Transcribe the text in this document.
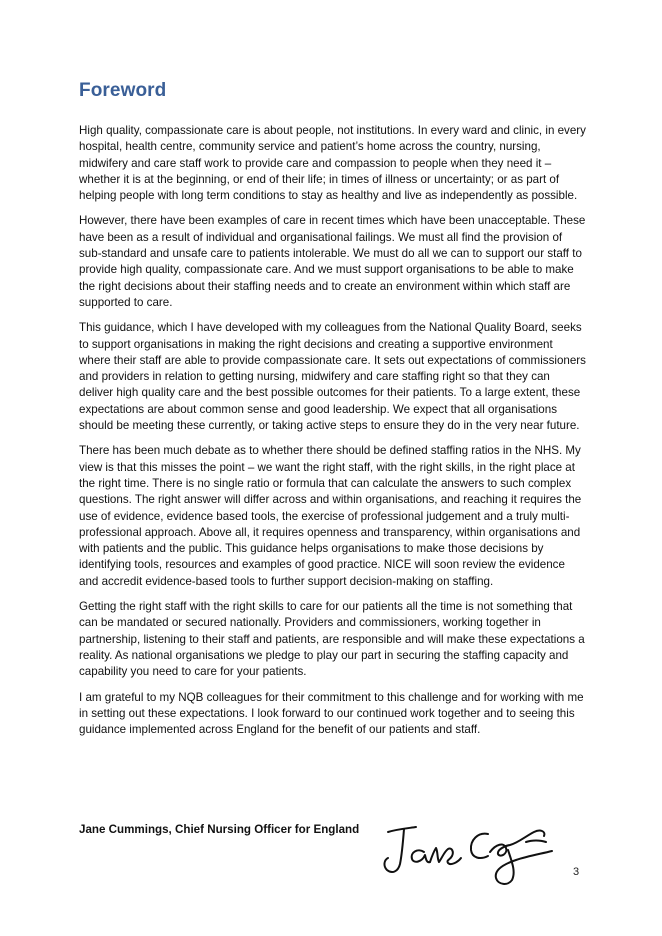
Foreword

High quality, compassionate care is about people, not institutions. In every ward and clinic, in every hospital, health centre, community service and patient’s home across the country, nursing, midwifery and care staff work to provide care and compassion to people when they need it – whether it is at the beginning, or end of their life; in times of illness or uncertainty; or as part of helping people with long term conditions to stay as healthy and live as independently as possible.

However, there have been examples of care in recent times which have been unacceptable. These have been as a result of individual and organisational failings. We must all find the provision of sub-standard and unsafe care to patients intolerable. We must do all we can to support our staff to provide high quality, compassionate care. And we must support organisations to be able to make the right decisions about their staffing needs and to create an environment within which staff are supported to care.

This guidance, which I have developed with my colleagues from the National Quality Board, seeks to support organisations in making the right decisions and creating a supportive environment where their staff are able to provide compassionate care. It sets out expectations of commissioners and providers in relation to getting nursing, midwifery and care staffing right so that they can deliver high quality care and the best possible outcomes for their patients. To a large extent, these expectations are about common sense and good leadership. We expect that all organisations should be meeting these currently, or taking active steps to ensure they do in the very near future.

There has been much debate as to whether there should be defined staffing ratios in the NHS. My view is that this misses the point – we want the right staff, with the right skills, in the right place at the right time. There is no single ratio or formula that can calculate the answers to such complex questions. The right answer will differ across and within organisations, and reaching it requires the use of evidence, evidence based tools, the exercise of professional judgement and a truly multi-professional approach. Above all, it requires openness and transparency, within organisations and with patients and the public. This guidance helps organisations to make those decisions by identifying tools, resources and examples of good practice. NICE will soon review the evidence and accredit evidence-based tools to further support decision-making on staffing.

Getting the right staff with the right skills to care for our patients all the time is not something that can be mandated or secured nationally. Providers and commissioners, working together in partnership, listening to their staff and patients, are responsible and will make these expectations a reality. As national organisations we pledge to play our part in securing the staffing capacity and capability you need to care for your patients.

I am grateful to my NQB colleagues for their commitment to this challenge and for working with me in setting out these expectations. I look forward to our continued work together and to seeing this guidance implemented across England for the benefit of our patients and staff.

Jane Cummings, Chief Nursing Officer for England

3
